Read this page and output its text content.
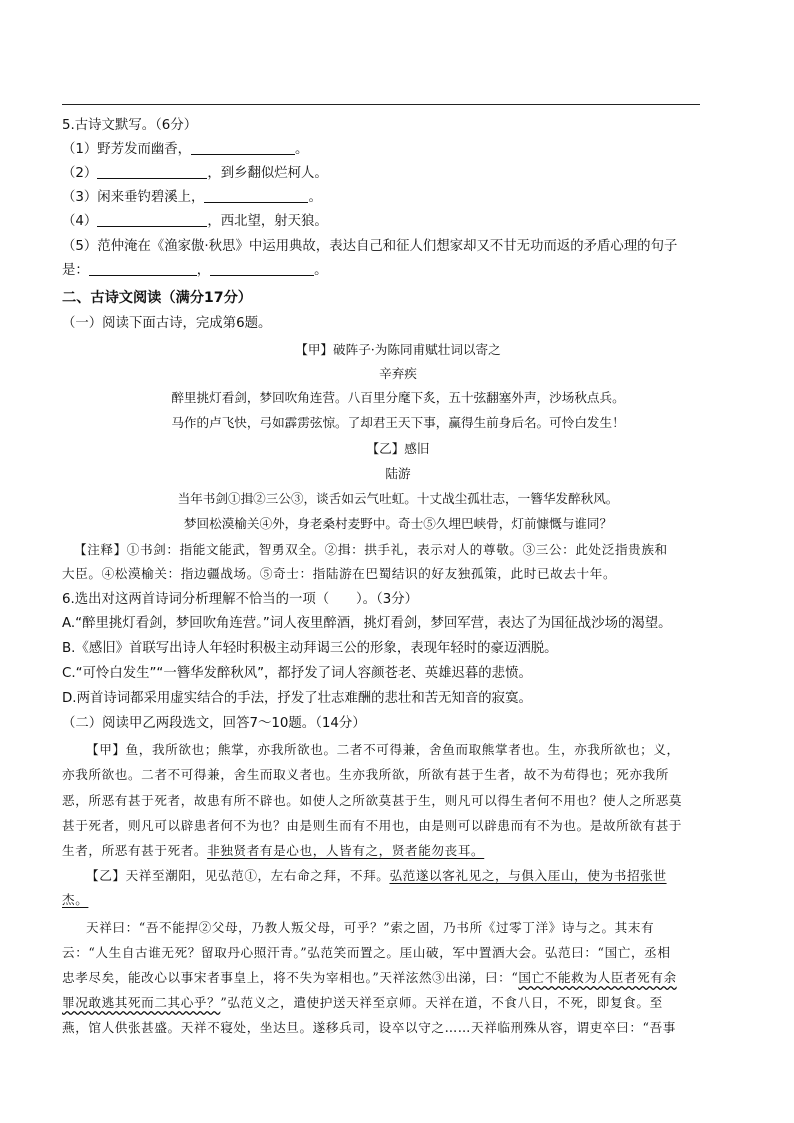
5.古诗文默写。（6分）
（1）野芳发而幽香，	。
（2）	，到乡翻似烂柯人。
（3）闲来垂钓碧溪上，	。
（4）	，西北望，射天狼。
（5）范仲淹在《渔家傲·秋思》中运用典故，表达自己和征人们想家却又不甘无功而返的矛盾心理的句子
是：	，	。
二、古诗文阅读（满分17分）
（一）阅读下面古诗，完成第6题。
【甲】破阵子·为陈同甫赋壮词以寄之
辛弃疾
醉里挑灯看剑，梦回吹角连营。八百里分麾下炙，五十弦翻塞外声，沙场秋点兵。
马作的卢飞快，弓如霹雳弦惊。了却君王天下事，赢得生前身后名。可怜白发生！
【乙】感旧
陆游
当年书剑①揖②三公③，谈舌如云气吐虹。十丈战尘孤壮志，一簪华发醉秋风。
梦回松漠榆关④外，身老桑村麦野中。奇士⑤久埋巴峡骨，灯前慷慨与谁同？
【注释】①书剑：指能文能武，智勇双全。②揖：拱手礼，表示对人的尊敬。③三公：此处泛指贵族和
大臣。④松漠榆关：指边疆战场。⑤奇士：指陆游在巴蜀结识的好友独孤策，此时已故去十年。
6.选出对这两首诗词分析理解不恰当的一项（　　）。（3分）
A.“醉里挑灯看剑，梦回吹角连营。”词人夜里醉酒，挑灯看剑，梦回军营，表达了为国征战沙场的渴望。
B.《感旧》首联写出诗人年轻时积极主动拜谒三公的形象，表现年轻时的豪迈洒脱。
C.“可怜白发生”“一簪华发醉秋风”，都抒发了词人容颜苍老、英雄迟暮的悲愤。
D.两首诗词都采用虚实结合的手法，抒发了壮志难酬的悲壮和苦无知音的寂寞。
（二）阅读甲乙两段选文，回答7～10题。（14分）
【甲】鱼，我所欲也；熊掌，亦我所欲也。二者不可得兼，舍鱼而取熊掌者也。生，亦我所欲也；义，
亦我所欲也。二者不可得兼，舍生而取义者也。生亦我所欲，所欲有甚于生者，故不为苟得也；死亦我所
恶，所恶有甚于死者，故患有所不辟也。如使人之所欲莫甚于生，则凡可以得生者何不用也？使人之所恶莫
甚于死者，则凡可以辟患者何不为也？由是则生而有不用也，由是则可以辟患而有不为也。是故所欲有甚于
生者，所恶有甚于死者。非独贤者有是心也，人皆有之，贤者能勿丧耳。
【乙】天祥至潮阳，见弘范①，左右命之拜，不拜。弘范遂以客礼见之，与俱入厓山，使为书招张世
杰。
天祥曰：“吾不能捍②父母，乃教人叛父母，可乎？”索之固，乃书所《过零丁洋》诗与之。其末有
云：“人生自古谁无死？留取丹心照汗青。”弘范笑而置之。厓山破，军中置酒大会。弘范曰：“国亡，丞相
忠孝尽矣，能改心以事宋者事皇上，将不失为宰相也。”天祥泫然③出涕，曰：“国亡不能救为人臣者死有余
罪况敢逃其死而二其心乎？”弘范义之，遣使护送天祥至京师。天祥在道，不食八日，不死，即复食。至
燕，馆人供张甚盛。天祥不寝处，坐达旦。遂移兵司，设卒以守之……天祥临刑殊从容，谓吏卒曰：“吾事
